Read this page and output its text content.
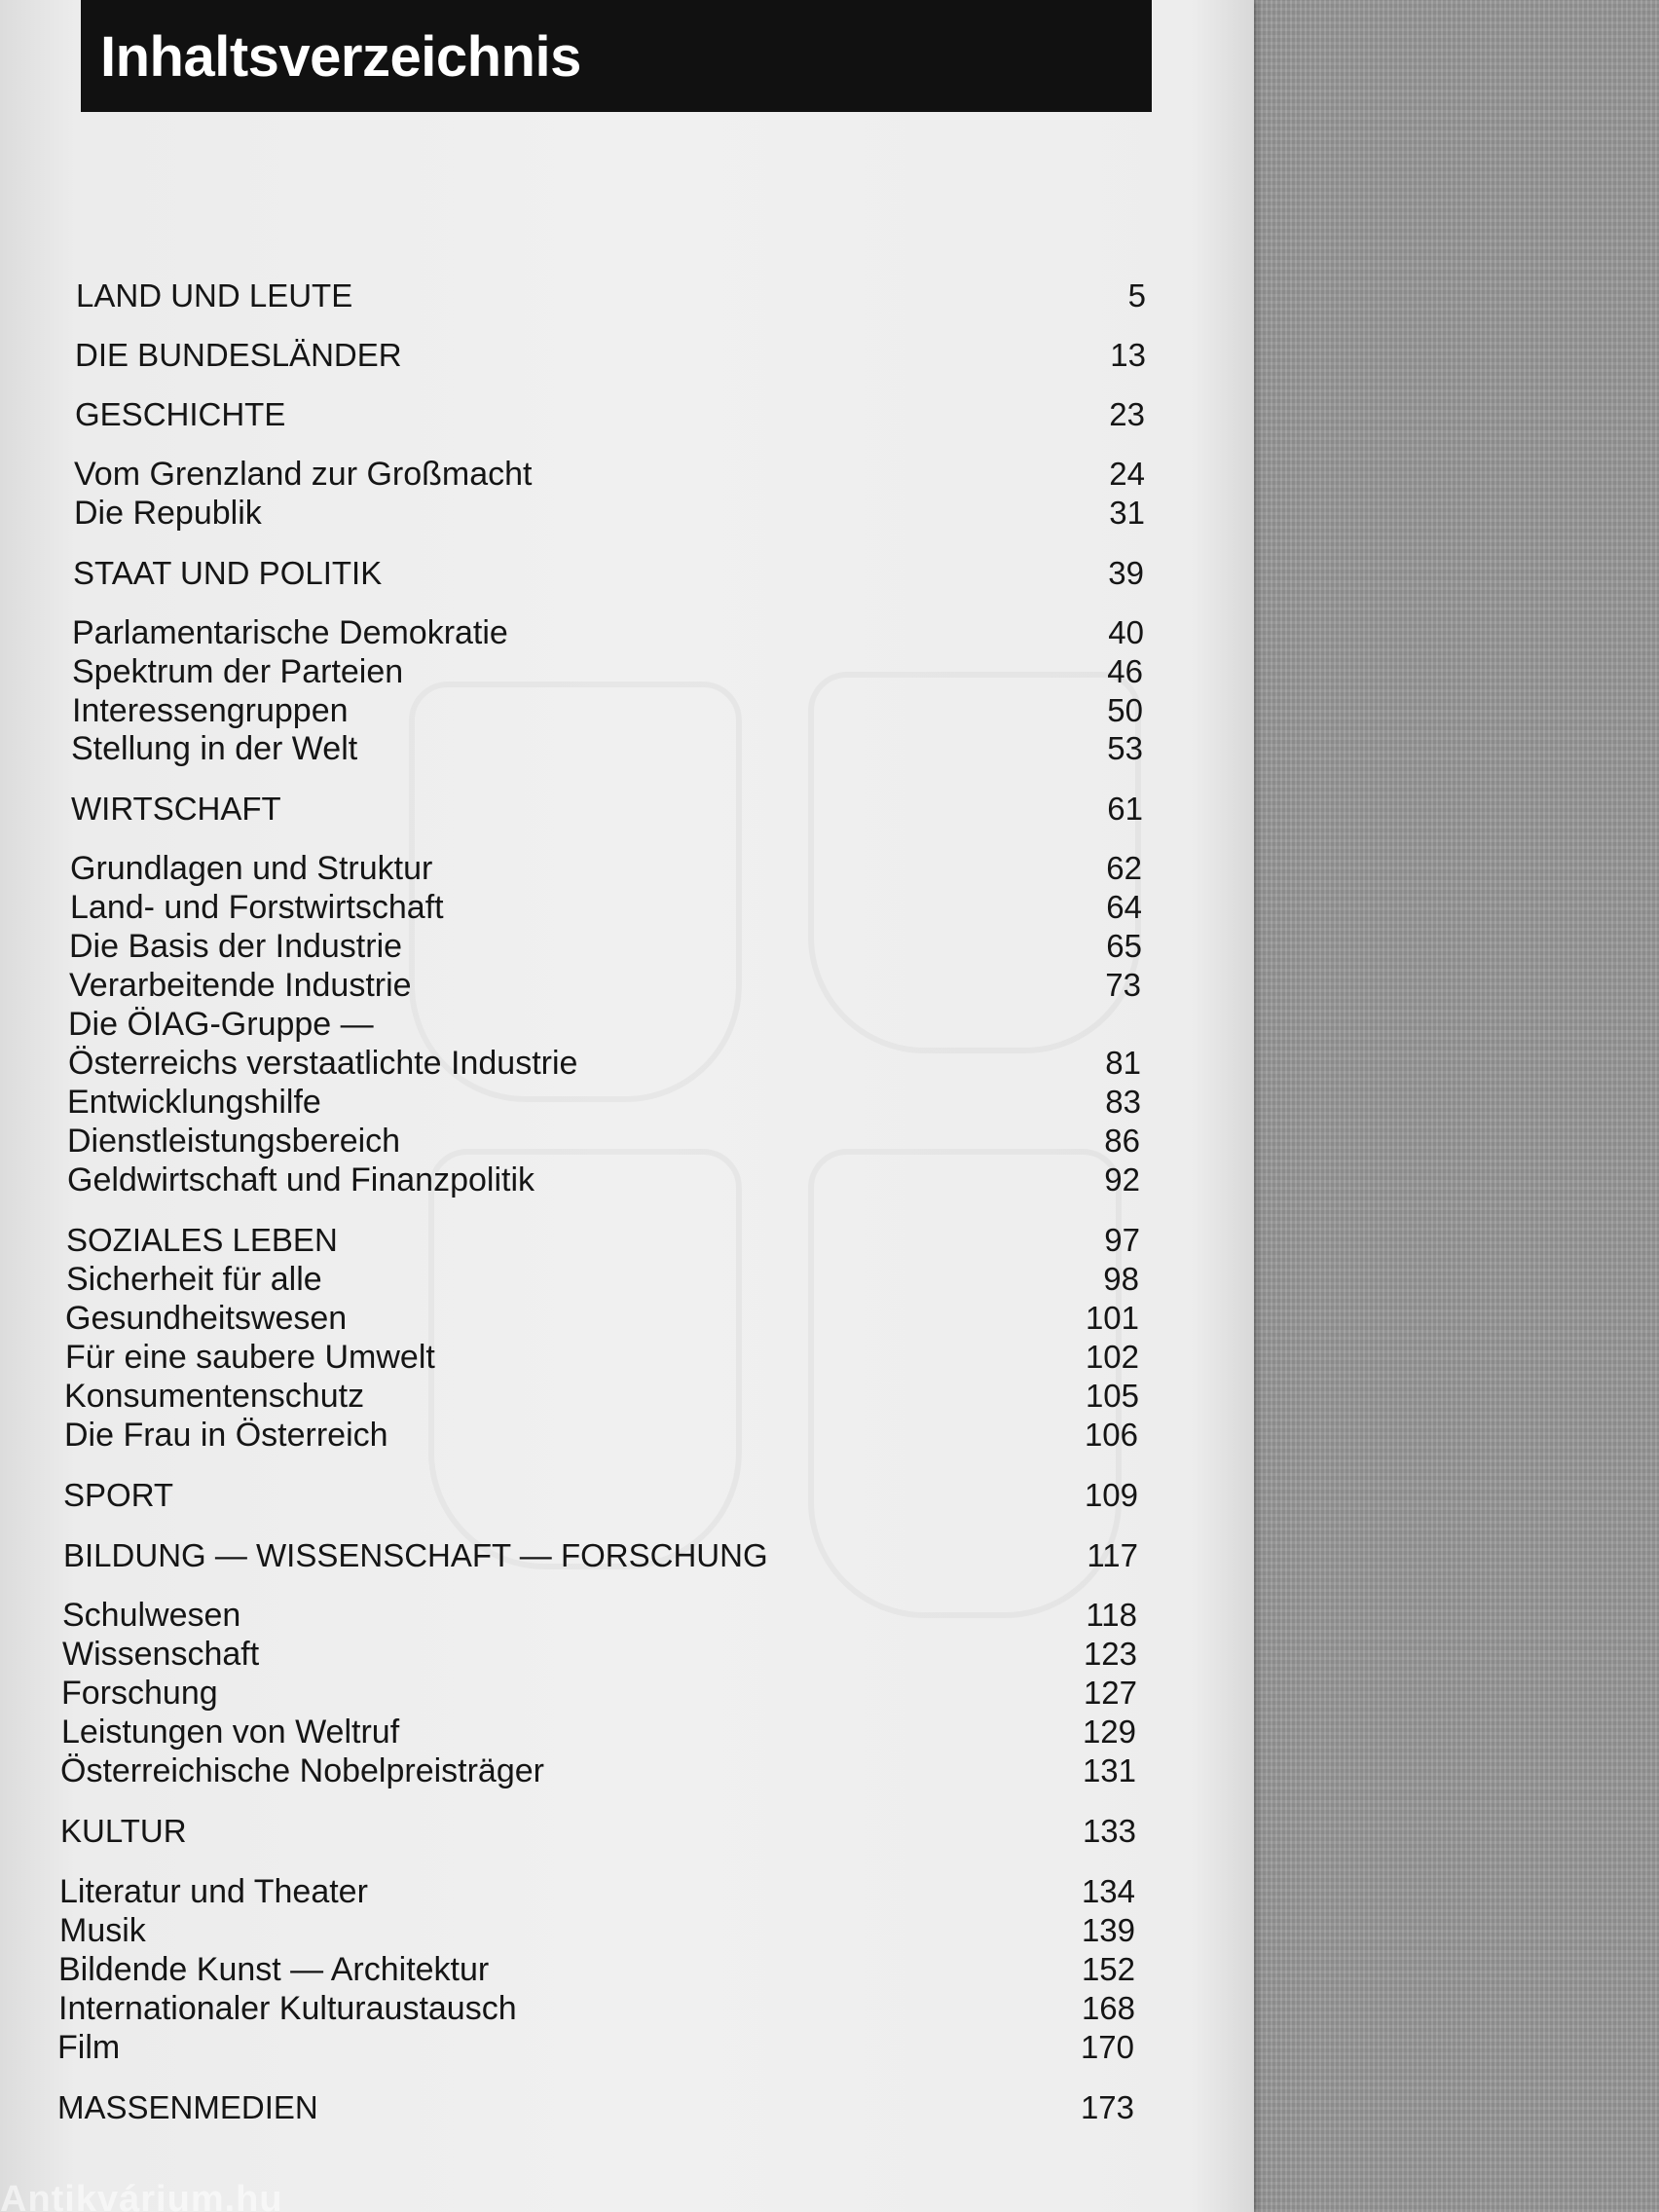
Inhaltsverzeichnis
LAND UND LEUTE	5
DIE BUNDESLÄNDER	13
GESCHICHTE	23
Vom Grenzland zur Großmacht	24
Die Republik	31
STAAT UND POLITIK	39
Parlamentarische Demokratie	40
Spektrum der Parteien	46
Interessengruppen	50
Stellung in der Welt	53
WIRTSCHAFT	61
Grundlagen und Struktur	62
Land- und Forstwirtschaft	64
Die Basis der Industrie	65
Verarbeitende Industrie	73
Die ÖIAG-Gruppe —
Österreichs verstaatlichte Industrie	81
Entwicklungshilfe	83
Dienstleistungsbereich	86
Geldwirtschaft und Finanzpolitik	92
SOZIALES LEBEN	97
Sicherheit für alle	98
Gesundheitswesen	101
Für eine saubere Umwelt	102
Konsumentenschutz	105
Die Frau in Österreich	106
SPORT	109
BILDUNG — WISSENSCHAFT — FORSCHUNG	117
Schulwesen	118
Wissenschaft	123
Forschung	127
Leistungen von Weltruf	129
Österreichische Nobelpreisträger	131
KULTUR	133
Literatur und Theater	134
Musik	139
Bildende Kunst — Architektur	152
Internationaler Kulturaustausch	168
Film	170
MASSENMEDIEN	173
Antikvárium.hu
